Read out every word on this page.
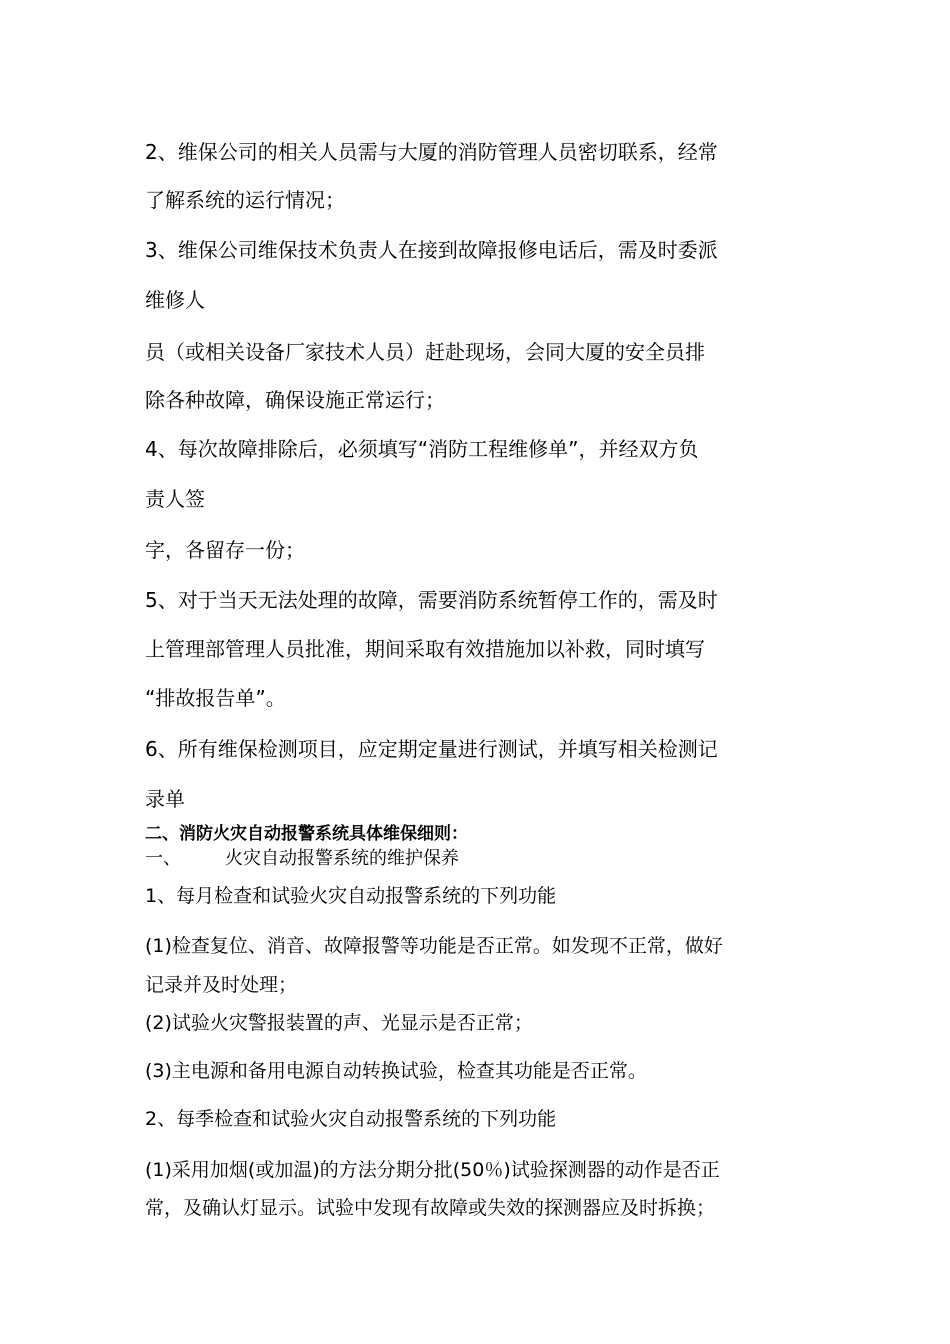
2、维保公司的相关人员需与大厦的消防管理人员密切联系，经常

了解系统的运行情况；

3、维保公司维保技术负责人在接到故障报修电话后，需及时委派

维修人

员（或相关设备厂家技术人员）赶赴现场，会同大厦的安全员排

除各种故障，确保设施正常运行；

4、每次故障排除后，必须填写“消防工程维修单”，并经双方负

责人签

字，各留存一份；

5、对于当天无法处理的故障，需要消防系统暂停工作的，需及时

上管理部管理人员批准，期间采取有效措施加以补救，同时填写

“排故报告单”。

6、所有维保检测项目，应定期定量进行测试，并填写相关检测记

录单

二、消防火灾自动报警系统具体维保细则：

一、 火灾自动报警系统的维护保养

1、每月检查和试验火灾自动报警系统的下列功能

(1)检查复位、消音、故障报警等功能是否正常。如发现不正常，做好

记录并及时处理；

(2)试验火灾警报装置的声、光显示是否正常；

(3)主电源和备用电源自动转换试验，检查其功能是否正常。

2、每季检查和试验火灾自动报警系统的下列功能

(1)采用加烟(或加温)的方法分期分批(50％)试验探测器的动作是否正

常，及确认灯显示。试验中发现有故障或失效的探测器应及时拆换；
